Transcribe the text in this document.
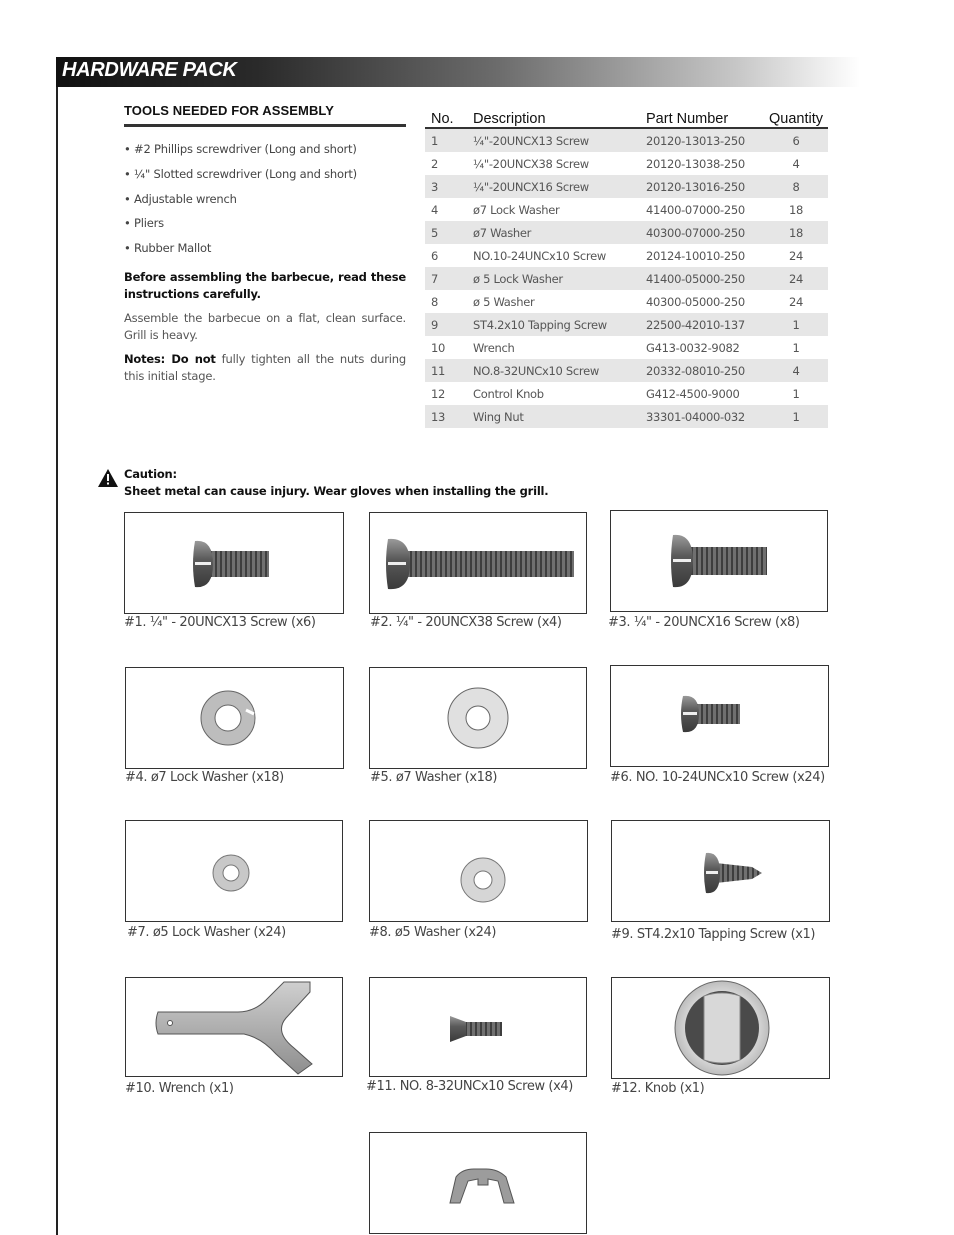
HARDWARE PACK
TOOLS NEEDED FOR ASSEMBLY
• #2 Phillips screwdriver (Long and short)
• ¼" Slotted screwdriver (Long and short)
• Adjustable wrench
• Pliers
• Rubber Mallot
Before assembling the barbecue, read these instructions carefully.
Assemble the barbecue on a flat, clean surface. Grill is heavy.
Notes: Do not fully tighten all the nuts during this initial stage.
No.	Description	Part Number	Quantity
1	¼"-20UNCX13 Screw	20120-13013-250	6
2	¼"-20UNCX38 Screw	20120-13038-250	4
3	¼"-20UNCX16 Screw	20120-13016-250	8
4	ø7 Lock Washer	41400-07000-250	18
5	ø7 Washer	40300-07000-250	18
6	NO.10-24UNCx10 Screw	20124-10010-250	24
7	ø 5 Lock Washer	41400-05000-250	24
8	ø 5 Washer	40300-05000-250	24
9	ST4.2x10 Tapping Screw	22500-42010-137	1
10	Wrench	G413-0032-9082	1
11	NO.8-32UNCx10 Screw	20332-08010-250	4
12	Control Knob	G412-4500-9000	1
13	Wing Nut	33301-04000-032	1
Caution:
Sheet metal can cause injury. Wear gloves when installing the grill.
#1. ¼" - 20UNCX13 Screw (x6)	#2. ¼" - 20UNCX38 Screw (x4)	#3. ¼" - 20UNCX16 Screw (x8)
#4. ø7 Lock Washer (x18)	#5. ø7 Washer (x18)	#6. NO. 10-24UNCx10 Screw (x24)
#7. ø5 Lock Washer (x24)	#8. ø5 Washer (x24)	#9. ST4.2x10 Tapping Screw (x1)
#10. Wrench (x1)	#11. NO. 8-32UNCx10 Screw (x4)	#12. Knob (x1)
